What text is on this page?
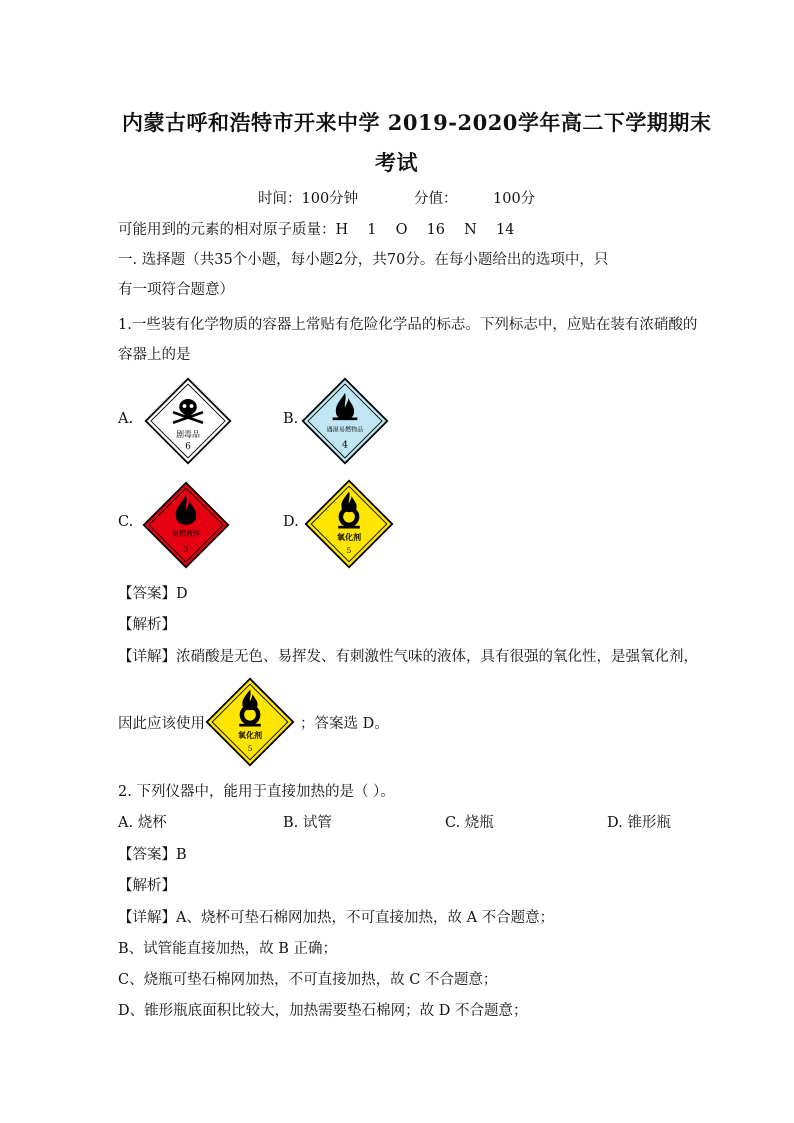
内蒙古呼和浩特市开来中学 2019-2020学年高二下学期期末
考试
时间：100分钟	分值： 100分
可能用到的元素的相对原子质量：H　 1　 O　 16　 N　 14
一. 选择题（共35个小题，每小题2分，共70分。在每小题给出的选项中，只
有一项符合题意）
1.一些装有化学物质的容器上常贴有危险化学品的标志。下列标志中，应贴在装有浓硝酸的
容器上的是
A.
剧毒品
6
B.
遇湿易燃物品
4
C.
易燃液体
3
D.
氧化剂
5
【答案】D
【解析】
【详解】浓硝酸是无色、易挥发、有刺激性气味的液体，具有很强的氧化性，是强氧化剂，
因此应该使用
氧化剂
5
；答案选 D。
2. 下列仪器中，能用于直接加热的是（ ）。
A. 烧杯	B. 试管	C. 烧瓶	D. 锥形瓶
【答案】B
【解析】
【详解】A、烧杯可垫石棉网加热，不可直接加热，故 A 不合题意；
B、试管能直接加热，故 B 正确；
C、烧瓶可垫石棉网加热，不可直接加热，故 C 不合题意；
D、锥形瓶底面积比较大，加热需要垫石棉网；故 D 不合题意；
